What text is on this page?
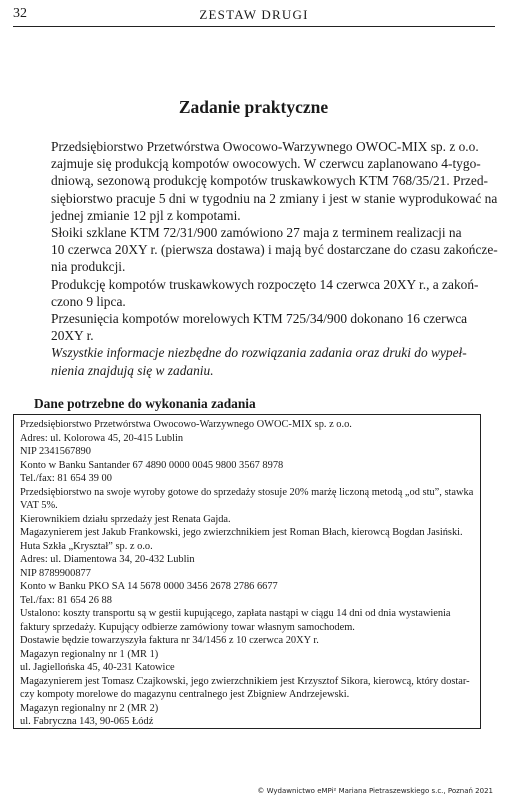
32	ZESTAW DRUGI
Zadanie praktyczne

Przedsiębiorstwo Przetwórstwa Owocowo-Warzywnego OWOC-MIX sp. z o.o.
zajmuje się produkcją kompotów owocowych. W czerwcu zaplanowano 4-tygo-
dniową, sezonową produkcję kompotów truskawkowych KTM 768/35/21. Przed-
siębiorstwo pracuje 5 dni w tygodniu na 2 zmiany i jest w stanie wyprodukować na
jednej zmianie 12 pjl z kompotami.

Słoiki szklane KTM 72/31/900 zamówiono 27 maja z terminem realizacji na
10 czerwca 20XY r. (pierwsza dostawa) i mają być dostarczane do czasu zakończe-
nia produkcji.

Produkcję kompotów truskawkowych rozpoczęto 14 czerwca 20XY r., a zakoń-
czono 9 lipca.

Przesunięcia kompotów morelowych KTM 725/34/900 dokonano 16 czerwca
20XY r.

Wszystkie informacje niezbędne do rozwiązania zadania oraz druki do wypeł-
nienia znajdują się w zadaniu.

Dane potrzebne do wykonania zadania
Przedsiębiorstwo Przetwórstwa Owocowo-Warzywnego OWOC-MIX sp. z o.o.
Adres: ul. Kolorowa 45, 20-415 Lublin
NIP 2341567890
Konto w Banku Santander 67 4890 0000 0045 9800 3567 8978
Tel./fax: 81 654 39 00
Przedsiębiorstwo na swoje wyroby gotowe do sprzedaży stosuje 20% marżę liczoną metodą „od stu”, stawka
VAT 5%.
Kierownikiem działu sprzedaży jest Renata Gajda.
Magazynierem jest Jakub Frankowski, jego zwierzchnikiem jest Roman Błach, kierowcą Bogdan Jasiński.
Huta Szkła „Kryształ” sp. z o.o.
Adres: ul. Diamentowa 34, 20-432 Lublin
NIP 8789900877
Konto w Banku PKO SA 14 5678 0000 3456 2678 2786 6677
Tel./fax: 81 654 26 88
Ustalono: koszty transportu są w gestii kupującego, zapłata nastąpi w ciągu 14 dni od dnia wystawienia
faktury sprzedaży. Kupujący odbierze zamówiony towar własnym samochodem.
Dostawie będzie towarzyszyła faktura nr 34/1456 z 10 czerwca 20XY r.
Magazyn regionalny nr 1 (MR 1)
ul. Jagiellońska 45, 40-231 Katowice
Magazynierem jest Tomasz Czajkowski, jego zwierzchnikiem jest Krzysztof Sikora, kierowcą, który dostar-
czy kompoty morelowe do magazynu centralnego jest Zbigniew Andrzejewski.
Magazyn regionalny nr 2 (MR 2)
ul. Fabryczna 143, 90-065 Łódź
© Wydawnictwo eMPi² Mariana Pietraszewskiego s.c., Poznań 2021
